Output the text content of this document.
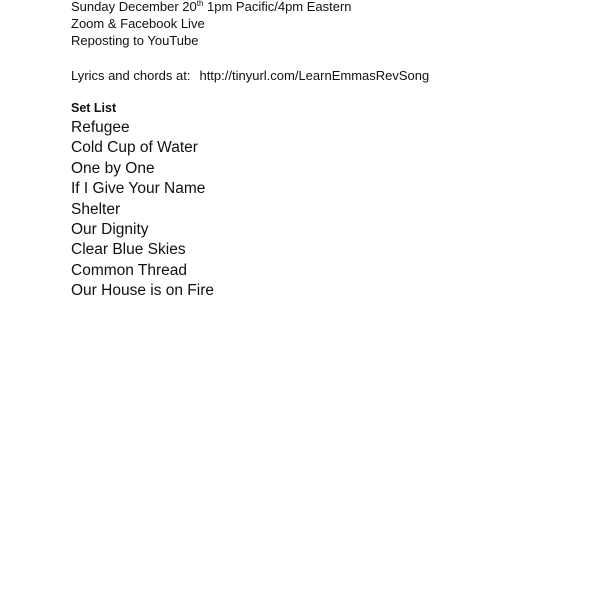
Sunday December 20th 1pm Pacific/4pm Eastern
Zoom & Facebook Live
Reposting to YouTube
Lyrics and chords at: http://tinyurl.com/LearnEmmasRevSong
Set List
Refugee
Cold Cup of Water
One by One
If I Give Your Name
Shelter
Our Dignity
Clear Blue Skies
Common Thread
Our House is on Fire
